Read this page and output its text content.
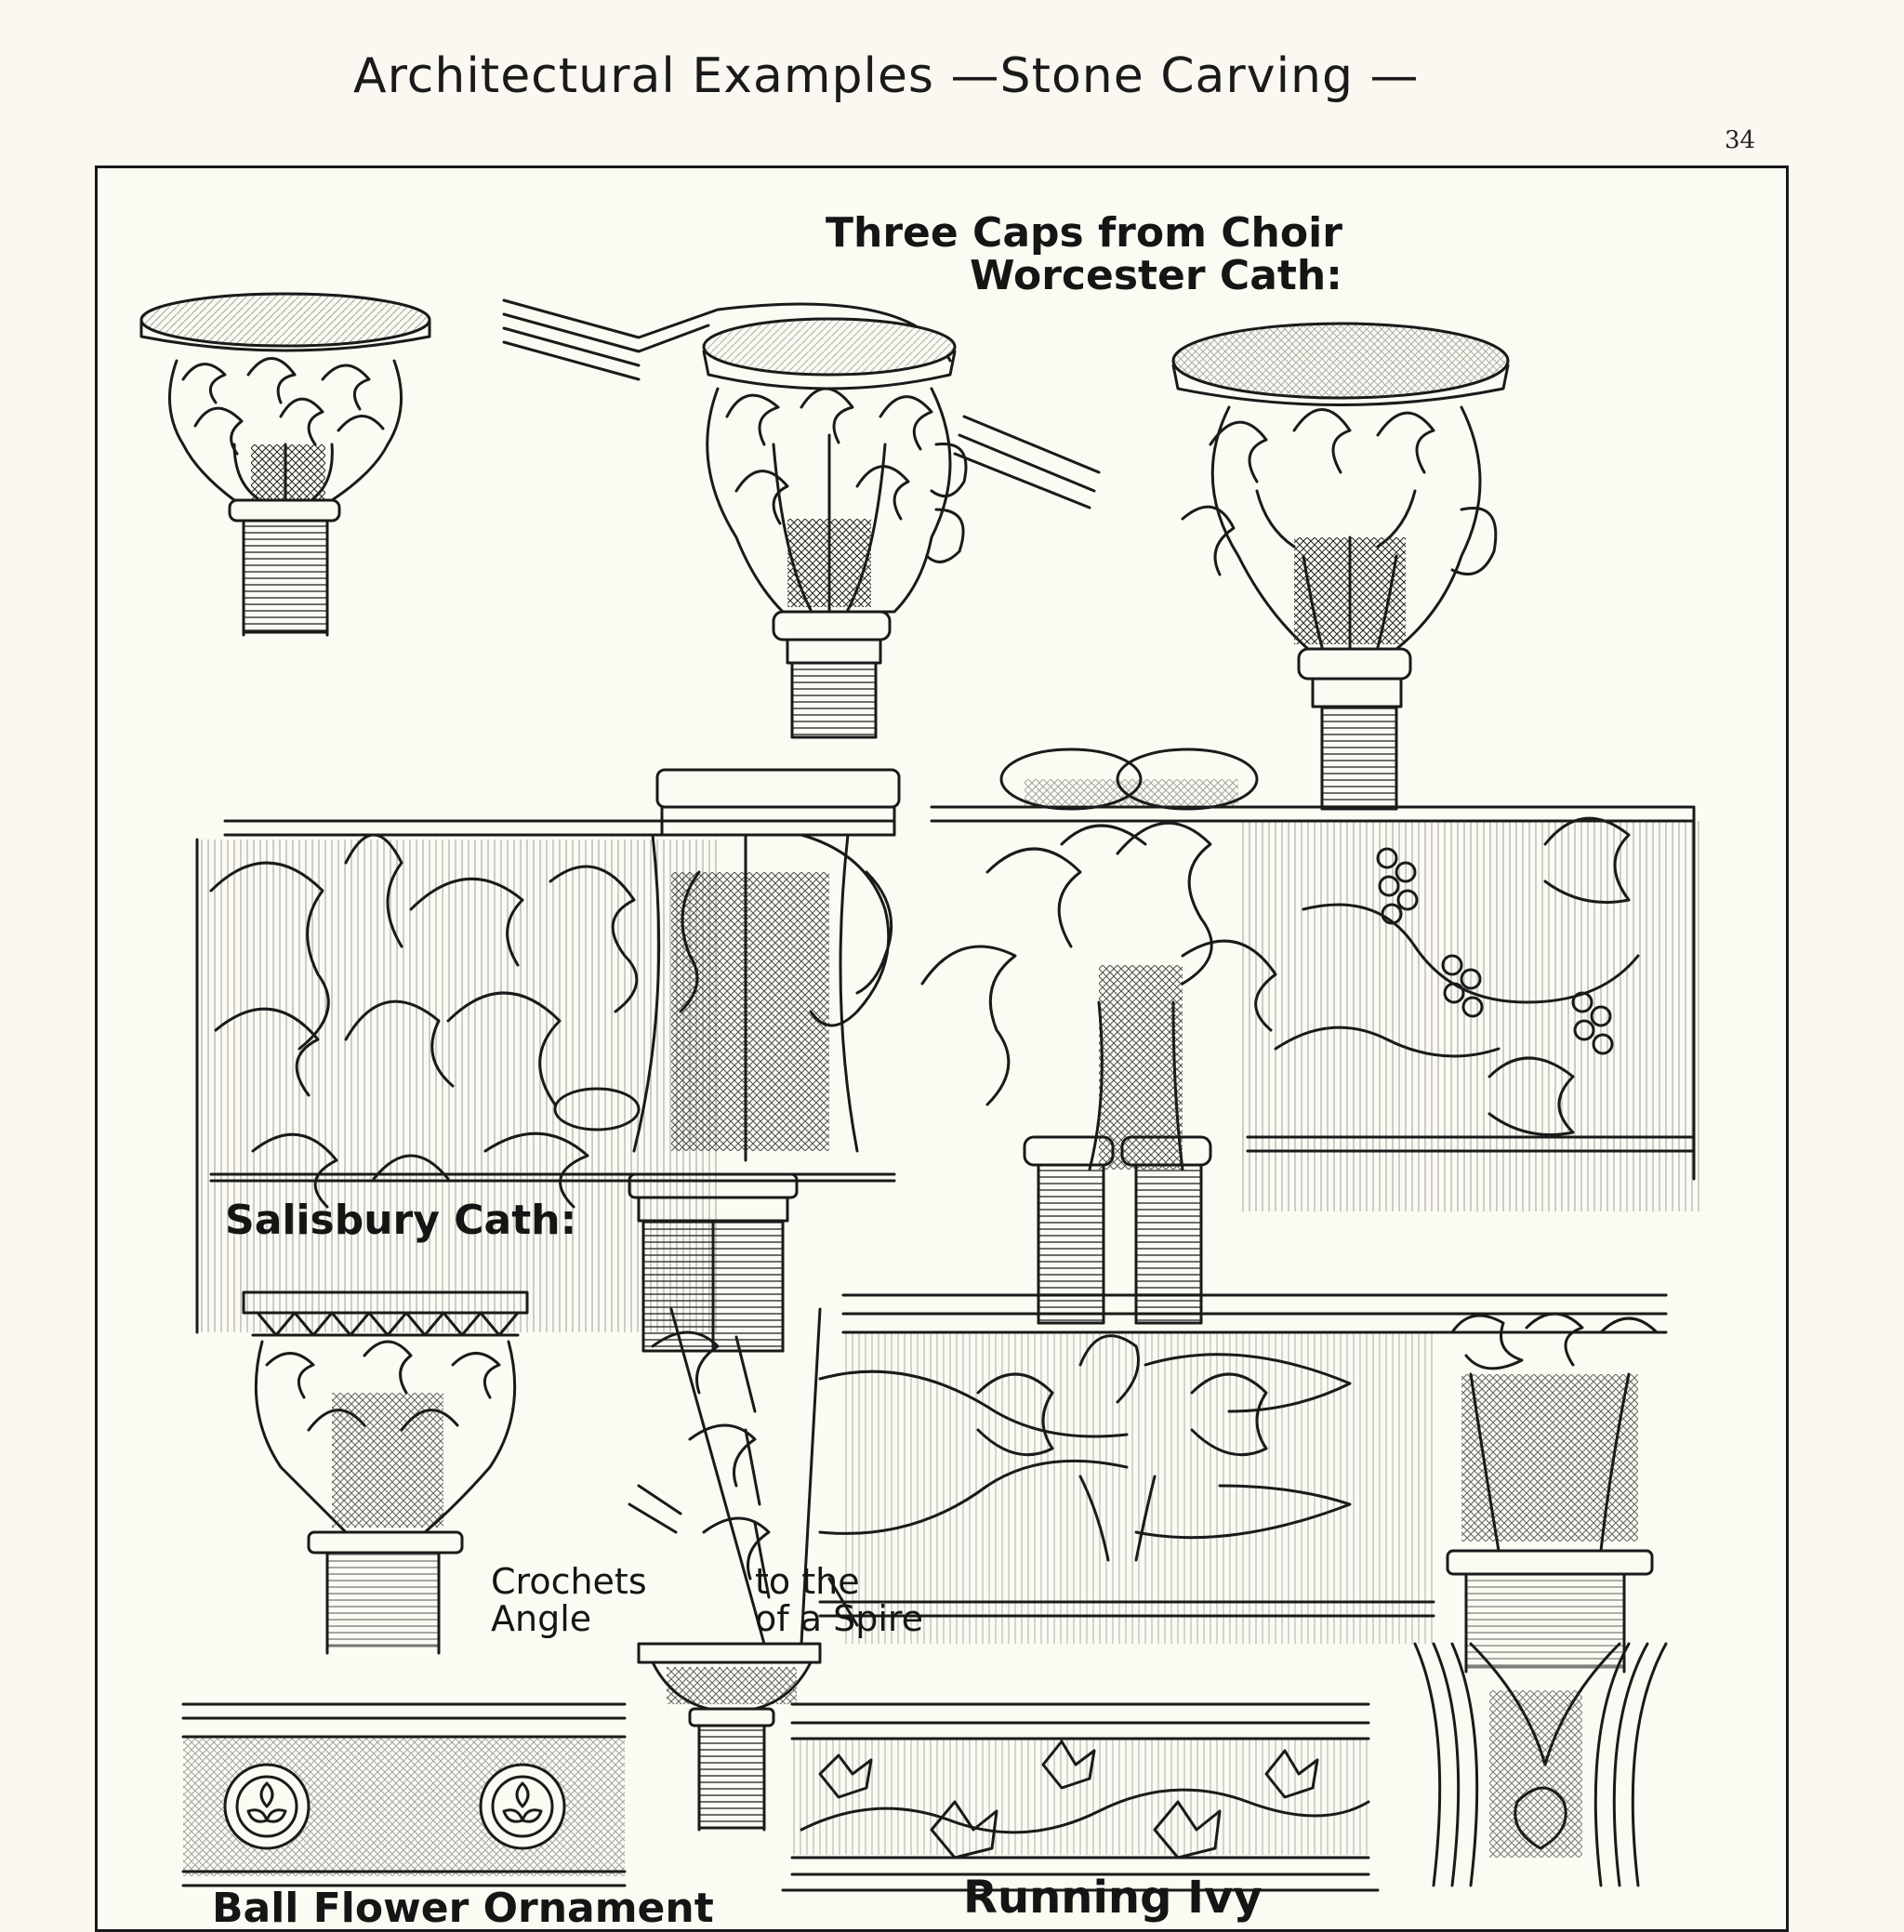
Architectural Examples —Stone Carving —
34
Three Caps from Choir
Worcester Cath:
Salisbury Cath:
Crochets
Angle
to the
of a Spire
Ball Flower Ornament	Running Ivy
